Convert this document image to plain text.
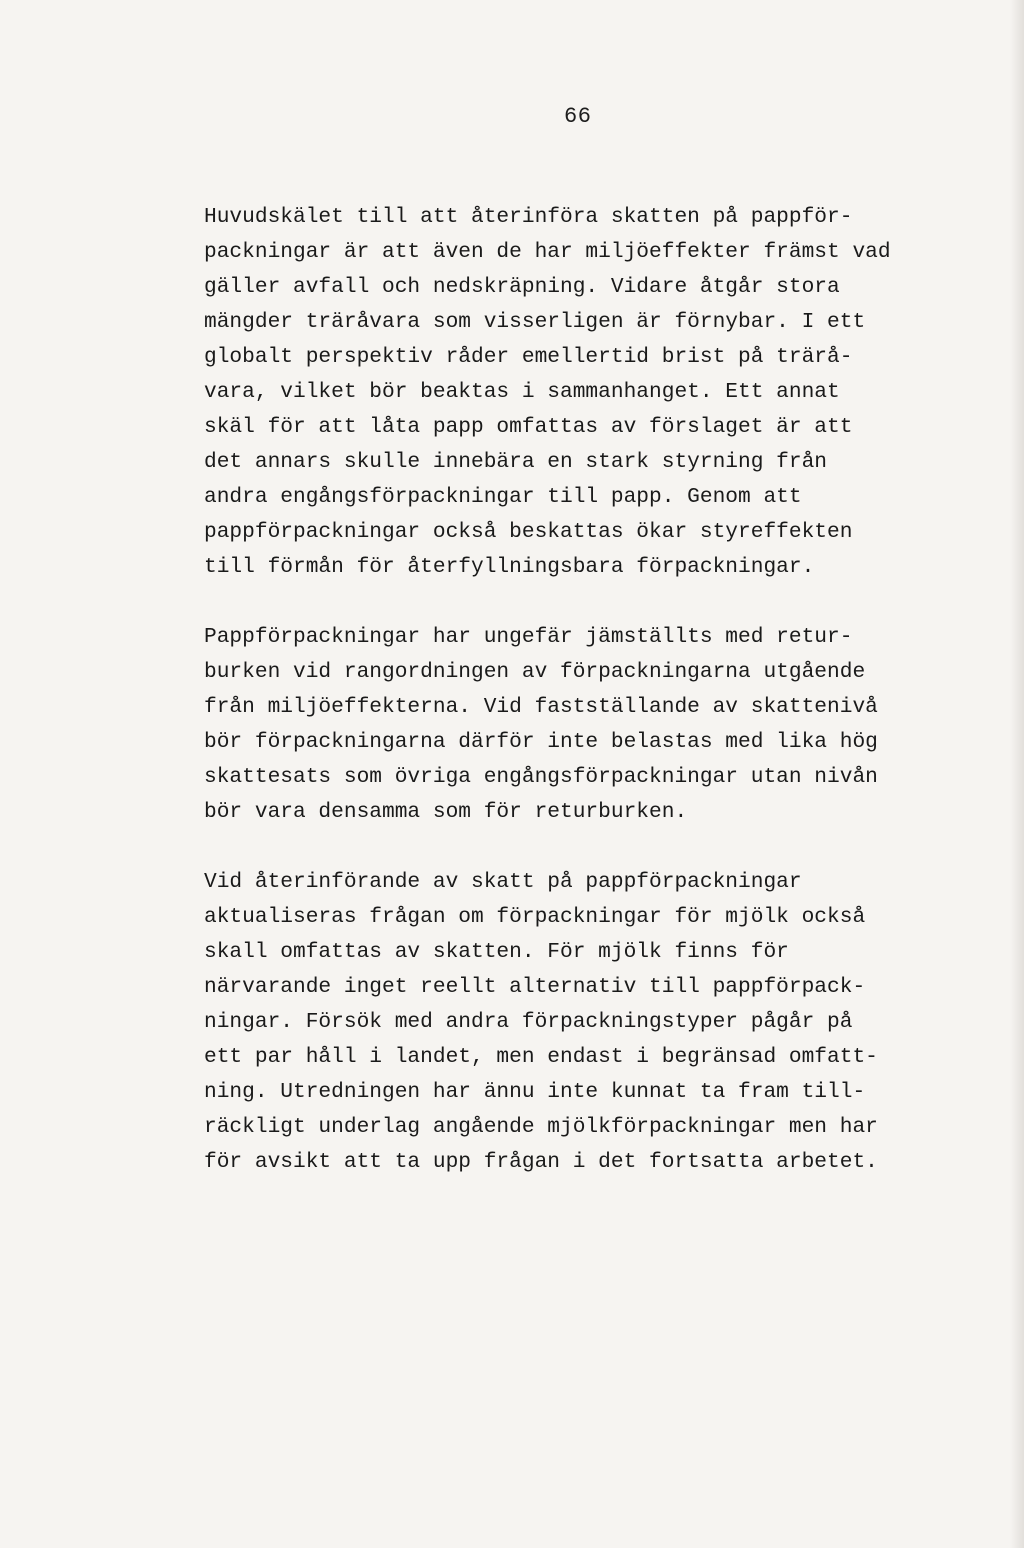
66
Huvudskälet till att återinföra skatten på pappför-
packningar är att även de har miljöeffekter främst vad
gäller avfall och nedskräpning. Vidare åtgår stora
mängder träråvara som visserligen är förnybar. I ett
globalt perspektiv råder emellertid brist på trärå-
vara, vilket bör beaktas i sammanhanget. Ett annat
skäl för att låta papp omfattas av förslaget är att
det annars skulle innebära en stark styrning från
andra engångsförpackningar till papp. Genom att
pappförpackningar också beskattas ökar styreffekten
till förmån för återfyllningsbara förpackningar.
Pappförpackningar har ungefär jämställts med retur-
burken vid rangordningen av förpackningarna utgående
från miljöeffekterna. Vid fastställande av skattenivå
bör förpackningarna därför inte belastas med lika hög
skattesats som övriga engångsförpackningar utan nivån
bör vara densamma som för returburken.
Vid återinförande av skatt på pappförpackningar
aktualiseras frågan om förpackningar för mjölk också
skall omfattas av skatten. För mjölk finns för
närvarande inget reellt alternativ till pappförpack-
ningar. Försök med andra förpackningstyper pågår på
ett par håll i landet, men endast i begränsad omfatt-
ning. Utredningen har ännu inte kunnat ta fram till-
räckligt underlag angående mjölkförpackningar men har
för avsikt att ta upp frågan i det fortsatta arbetet.
